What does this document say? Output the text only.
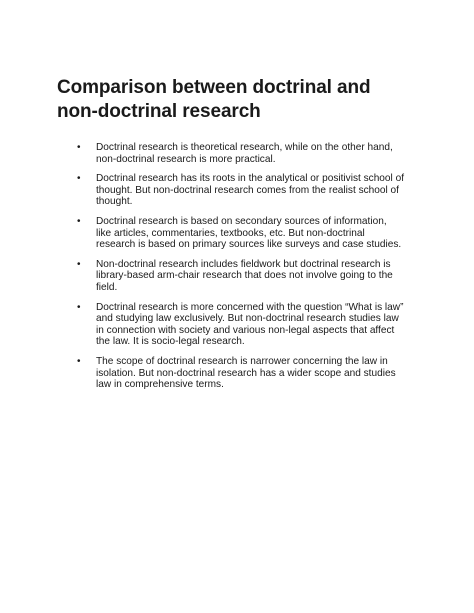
Comparison between doctrinal and non-doctrinal research
• Doctrinal research is theoretical research, while on the other hand, non-doctrinal research is more practical.
• Doctrinal research has its roots in the analytical or positivist school of thought. But non-doctrinal research comes from the realist school of thought.
• Doctrinal research is based on secondary sources of information, like articles, commentaries, textbooks, etc. But non-doctrinal research is based on primary sources like surveys and case studies.
• Non-doctrinal research includes fieldwork but doctrinal research is library-based arm-chair research that does not involve going to the field.
• Doctrinal research is more concerned with the question “What is law” and studying law exclusively. But non-doctrinal research studies law in connection with society and various non-legal aspects that affect the law. It is socio-legal research.
• The scope of doctrinal research is narrower concerning the law in isolation. But non-doctrinal research has a wider scope and studies law in comprehensive terms.
